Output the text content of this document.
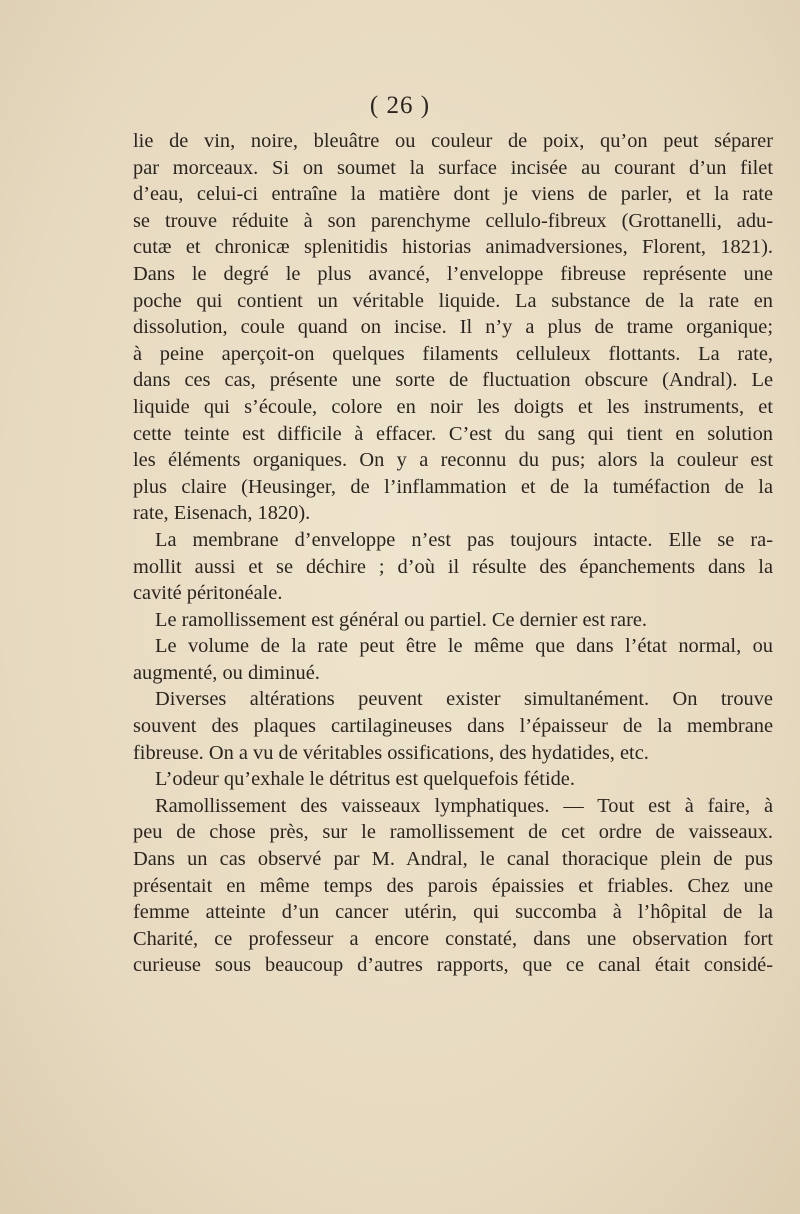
( 26 )
lie de vin, noire, bleuâtre ou couleur de poix, qu’on peut séparer
par morceaux. Si on soumet la surface incisée au courant d’un filet
d’eau, celui-ci entraîne la matière dont je viens de parler, et la rate
se trouve réduite à son parenchyme cellulo-fibreux (Grottanelli, adu-
cutæ et chronicæ splenitidis historias animadversiones, Florent, 1821).
Dans le degré le plus avancé, l’enveloppe fibreuse représente une
poche qui contient un véritable liquide. La substance de la rate en
dissolution, coule quand on incise. Il n’y a plus de trame organique;
à peine aperçoit-on quelques filaments celluleux flottants. La rate,
dans ces cas, présente une sorte de fluctuation obscure (Andral). Le
liquide qui s’écoule, colore en noir les doigts et les instruments, et
cette teinte est difficile à effacer. C’est du sang qui tient en solution
les éléments organiques. On y a reconnu du pus; alors la couleur est
plus claire (Heusinger, de l’inflammation et de la tuméfaction de la
rate, Eisenach, 1820).
La membrane d’enveloppe n’est pas toujours intacte. Elle se ra-
mollit aussi et se déchire ; d’où il résulte des épanchements dans la
cavité péritonéale.
Le ramollissement est général ou partiel. Ce dernier est rare.
Le volume de la rate peut être le même que dans l’état normal, ou
augmenté, ou diminué.
Diverses altérations peuvent exister simultanément. On trouve
souvent des plaques cartilagineuses dans l’épaisseur de la membrane
fibreuse. On a vu de véritables ossifications, des hydatides, etc.
L’odeur qu’exhale le détritus est quelquefois fétide.
Ramollissement des vaisseaux lymphatiques. — Tout est à faire, à
peu de chose près, sur le ramollissement de cet ordre de vaisseaux.
Dans un cas observé par M. Andral, le canal thoracique plein de pus
présentait en même temps des parois épaissies et friables. Chez une
femme atteinte d’un cancer utérin, qui succomba à l’hôpital de la
Charité, ce professeur a encore constaté, dans une observation fort
curieuse sous beaucoup d’autres rapports, que ce canal était considé-
